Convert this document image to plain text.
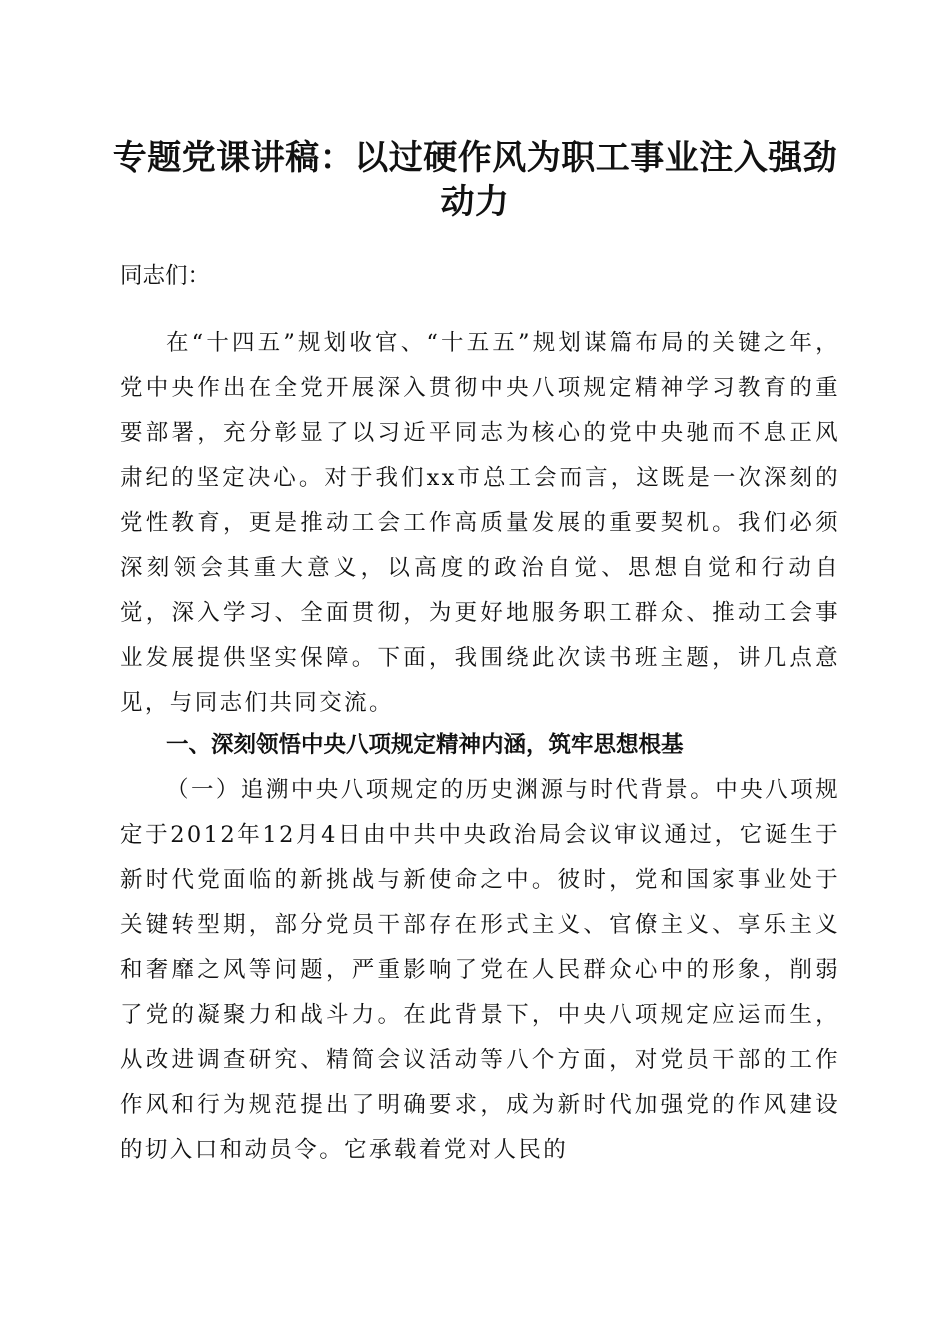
专题党课讲稿：以过硬作风为职工事业注入强劲动力
同志们：
在“十四五”规划收官、“十五五”规划谋篇布局的关键之年，党中央作出在全党开展深入贯彻中央八项规定精神学习教育的重要部署，充分彰显了以习近平同志为核心的党中央驰而不息正风肃纪的坚定决心。对于我们xx市总工会而言，这既是一次深刻的党性教育，更是推动工会工作高质量发展的重要契机。我们必须深刻领会其重大意义，以高度的政治自觉、思想自觉和行动自觉，深入学习、全面贯彻，为更好地服务职工群众、推动工会事业发展提供坚实保障。下面，我围绕此次读书班主题，讲几点意见，与同志们共同交流。
一、深刻领悟中央八项规定精神内涵，筑牢思想根基
（一）追溯中央八项规定的历史渊源与时代背景。中央八项规定于2012年12月4日由中共中央政治局会议审议通过，它诞生于新时代党面临的新挑战与新使命之中。彼时，党和国家事业处于关键转型期，部分党员干部存在形式主义、官僚主义、享乐主义和奢靡之风等问题，严重影响了党在人民群众心中的形象，削弱了党的凝聚力和战斗力。在此背景下，中央八项规定应运而生，从改进调查研究、精简会议活动等八个方面，对党员干部的工作作风和行为规范提出了明确要求，成为新时代加强党的作风建设的切入口和动员令。它承载着党对人民的
